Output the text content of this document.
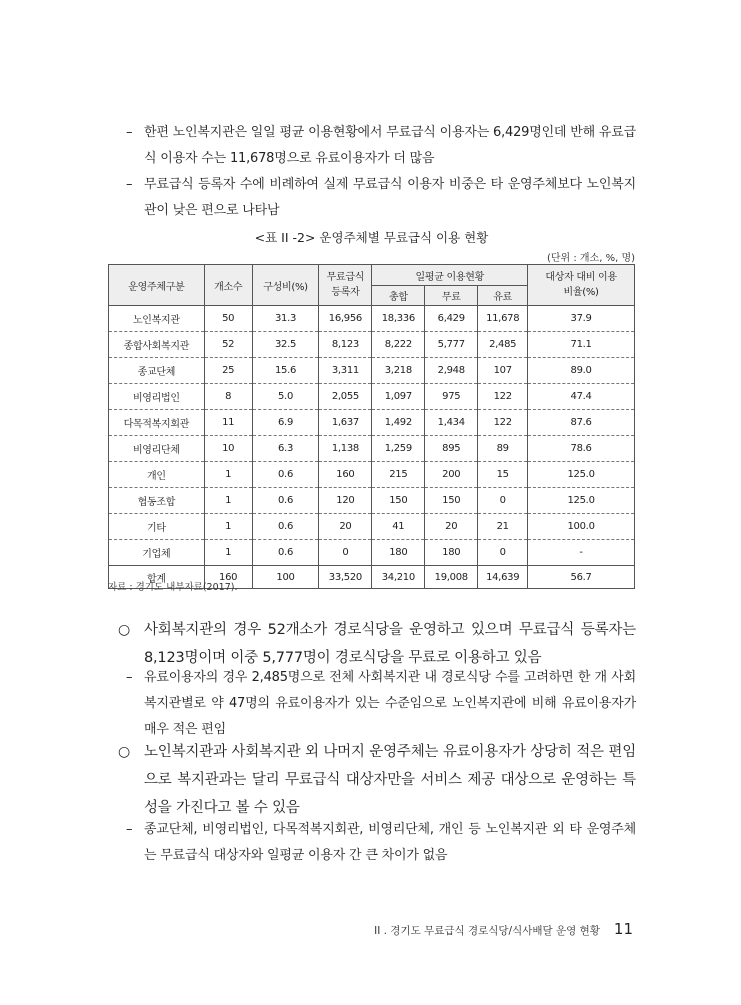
– 한편 노인복지관은 일일 평균 이용현황에서 무료급식 이용자는 6,429명인데 반해 유료급식 이용자 수는 11,678명으로 유료이용자가 더 많음
– 무료급식 등록자 수에 비례하여 실제 무료급식 이용자 비중은 타 운영주체보다 노인복지관이 낮은 편으로 나타남
<표 II -2> 운영주체별 무료급식 이용 현황
(단위 : 개소, %, 명)
운영주체구분	개소수	구성비(%)	무료급식 등록자	일평균 이용현황			대상자 대비 이용비율(%)
				총합	무료	유료	
노인복지관	50	31.3	16,956	18,336	6,429	11,678	37.9
종합사회복지관	52	32.5	8,123	8,222	5,777	2,485	71.1
종교단체	25	15.6	3,311	3,218	2,948	107	89.0
비영리법인	8	5.0	2,055	1,097	975	122	47.4
다목적복지회관	11	6.9	1,637	1,492	1,434	122	87.6
비영리단체	10	6.3	1,138	1,259	895	89	78.6
개인	1	0.6	160	215	200	15	125.0
협동조합	1	0.6	120	150	150	0	125.0
기타	1	0.6	20	41	20	21	100.0
기업체	1	0.6	0	180	180	0	-
합계	160	100	33,520	34,210	19,008	14,639	56.7
자료 : 경기도 내부자료(2017).
○ 사회복지관의 경우 52개소가 경로식당을 운영하고 있으며 무료급식 등록자는 8,123명이며 이중 5,777명이 경로식당을 무료로 이용하고 있음
– 유료이용자의 경우 2,485명으로 전체 사회복지관 내 경로식당 수를 고려하면 한 개 사회복지관별로 약 47명의 유료이용자가 있는 수준임으로 노인복지관에 비해 유료이용자가 매우 적은 편임
○ 노인복지관과 사회복지관 외 나머지 운영주체는 유료이용자가 상당히 적은 편임으로 복지관과는 달리 무료급식 대상자만을 서비스 제공 대상으로 운영하는 특성을 가진다고 볼 수 있음
– 종교단체, 비영리법인, 다목적복지회관, 비영리단체, 개인 등 노인복지관 외 타 운영주체는 무료급식 대상자와 일평균 이용자 간 큰 차이가 없음
II . 경기도 무료급식 경로식당/식사배달 운영 현황 11
